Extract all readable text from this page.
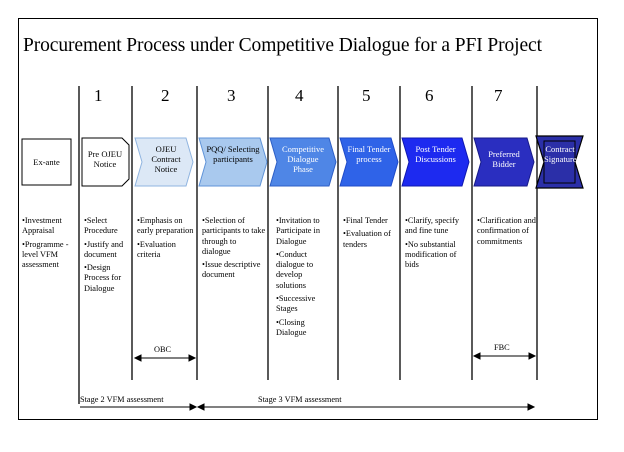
Procurement Process under Competitive Dialogue for a PFI Project
1	2	3	4	5	6	7
Ex-ante
Pre OJEU Notice
OJEU Contract Notice
PQQ/ Selecting participants
Competitive Dialogue Phase
Final Tender process
Post Tender Discussions	Preferred Bidder
Contract Signature
•Investment Appraisal
•Programme -level VFM assessment
•Select Procedure
•Justify and document
•Design Process for Dialogue
•Emphasis on early preparation
•Evaluation criteria
•Selection of participants to take through to dialogue
•Issue descriptive document
•Invitation to Participate in Dialogue
•Conduct dialogue to develop solutions
•Successive Stages
•Closing Dialogue
•Final Tender
•Evaluation of tenders
•Clarify, specify and fine tune
•No substantial modification of bids
•Clarification and confirmation of commitments
OBC	FBC
Stage 2 VFM assessment	Stage 3 VFM assessment
